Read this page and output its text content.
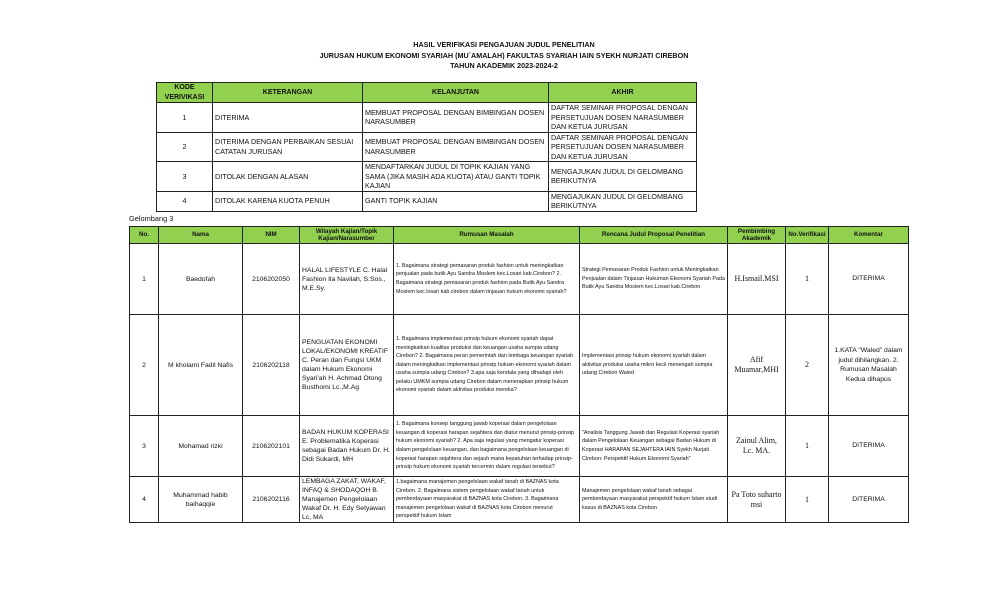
HASIL VERIFIKASI PENGAJUAN JUDUL PENELITIAN
JURUSAN HUKUM EKONOMI SYARIAH (MU`AMALAH) FAKULTAS SYARIAH IAIN SYEKH NURJATI CIREBON
TAHUN AKADEMIK 2023-2024-2
KODE VERIVIKASI	KETERANGAN	KELANJUTAN	AKHIR
1	DITERIMA	MEMBUAT PROPOSAL DENGAN BIMBINGAN DOSEN NARASUMBER	DAFTAR SEMINAR PROPOSAL DENGAN PERSETUJUAN DOSEN NARASUMBER DAN KETUA JURUSAN
2	DITERIMA DENGAN PERBAIKAN SESUAI CATATAN JURUSAN	MEMBUAT PROPOSAL DENGAN BIMBINGAN DOSEN NARASUMBER	DAFTAR SEMINAR PROPOSAL DENGAN PERSETUJUAN DOSEN NARASUMBER DAN KETUA JURUSAN
3	DITOLAK DENGAN ALASAN	MENDAFTARKAN JUDUL DI TOPIK KAJIAN YANG SAMA (JIKA MASIH ADA KUOTA) ATAU GANTI TOPIK KAJIAN	MENGAJUKAN JUDUL DI GELOMBANG BERIKUTNYA
4	DITOLAK KARENA KUOTA PENUH	GANTI TOPIK KAJIAN	MENGAJUKAN JUDUL DI GELOMBANG BERIKUTNYA
Gelombang 3
No.	Nama	NIM	Wilayah Kajian/Topik Kajian/Narasumber	Rumusan Masalah	Rencana Judul Proposal Penelitian	Pembimbing Akademik	No.Verifikasi	Komentar
1	Baedofah	2106202050	HALAL LIFESTYLE C. Halal Fashion Ila Navilah, S.Sos., M.E.Sy.	1. Bagaimana strategi pemasaran produk fashion untuk meningkatkan penjualan pada butik Ayu Sandra Moslem kec.Losari kab.Cirebon? 2. Bagaimana strategi pemasaran produk fashion pada Butik Ayu Sandra Moslem kec.losari kab.cirebon dalam tinjauan hukum ekonomi syariah?	Strategi Pemasaran Produk Fashion untuk Meningkatkan Penjualan dalam Tinjauan Hukuman Ekonomi Syariah Pada Butik Ayu Sandra Moslem kec.Losari kab.Cirebon	H.Ismail.MSI	1	DITERIMA
2	M kholami Fadil Nafis	2106202118	PENGUATAN EKONOMI LOKAL/EKONOMI KREATIF C. Peran dan Fungsi UKM dalam Hukum Ekonomi Syari'ah H. Achmad Otong Busthomi Lc.,M.Ag	1. Bagaimana implementasi prinsip hukum ekonomi syariah dapat meningkatkan kualitas produksi dan keuangan usaha sumpia udang Cirebon? 2. Bagaimana peran pemerintah dan lembaga keuangan syariah dalam meningkatkan implementasi prinsip hukum ekonomi syariah dalam usaha sumpia udang Cirebon? 3.apa saja kendala yang dihadapi oleh pelaku UMKM sumpia udang Cirebon dalam menerapkan prinsip hukum ekonomi syariah dalam aktivitas produksi mereka?	Implementasi prinsip hukum ekonomi syariah dalam aktivitas produksi usaha mikro kecil menengah sumpia udang Cirebon Waled	Afif Muamar,MHI	2	1.KATA "Waled" dalam judul dihilangkan. 2. Rumusan Masalah Kedua dihapus
3	Mohamad rizki	2106202101	BADAN HUKUM KOPERASI E. Problematika Koperasi sebagai Badan Hukum Dr. H. Didi Sukardi, MH	1. Bagaimana konsep tanggung jawab koperasi dalam pengelolaan keuangan di koperasi harapan sejahtera dan diatur menurut prinsip-prinsip hukum ekonomi syariah? 2. Apa saja regulasi yang mengatur koperasi dalam pengelolaan keuangan, dan bagaimana pengelolaan keuangan di koperasi harapan sejahtera dan sejauh mana kepatuhan terhadap prinsip-prinsip hukum ekonomi syariah tercermin dalam regulasi tersebut?	"Analisis Tanggung Jawab dan Regulasi Koperasi syariah dalam Pengelolaan Keuangan sebagai Badan Hukum di Koperasi HARAPAN SEJAHTERA IAIN Syekh Nurjati Cirebon: Perspektif Hukum Ekonomi Syariah"	Zainul Alim, Lc. MA.	1	DITERIMA
4	Muhammad habib baihaqqie	2106202116	LEMBAGA ZAKAT, WAKAF, INFAQ & SHODAQOH B. Manajemen Pengelolaan Wakaf Dr. H. Edy Setyawan Lc, MA	1.bagaimana manajemen pengelolaan wakaf tanah di BAZNAS kota Cirebon. 2. Bagaimana sistem pengelolaan wakaf tanah untuk pemberdayaan masyarakat di BAZNAS kota Cirebon. 3. Bagaimana manajemen pengelolaan wakaf di BAZNAS kota Cirebon menurut perspektif hukum Islam	Manajemen pengelolaan wakaf tanah sebagai pemberdayaan masyarakat perspektif hukum Islam studi kasus di BAZNAS kota Cirebon	Pa Toto suharto msi	1	DITERIMA
